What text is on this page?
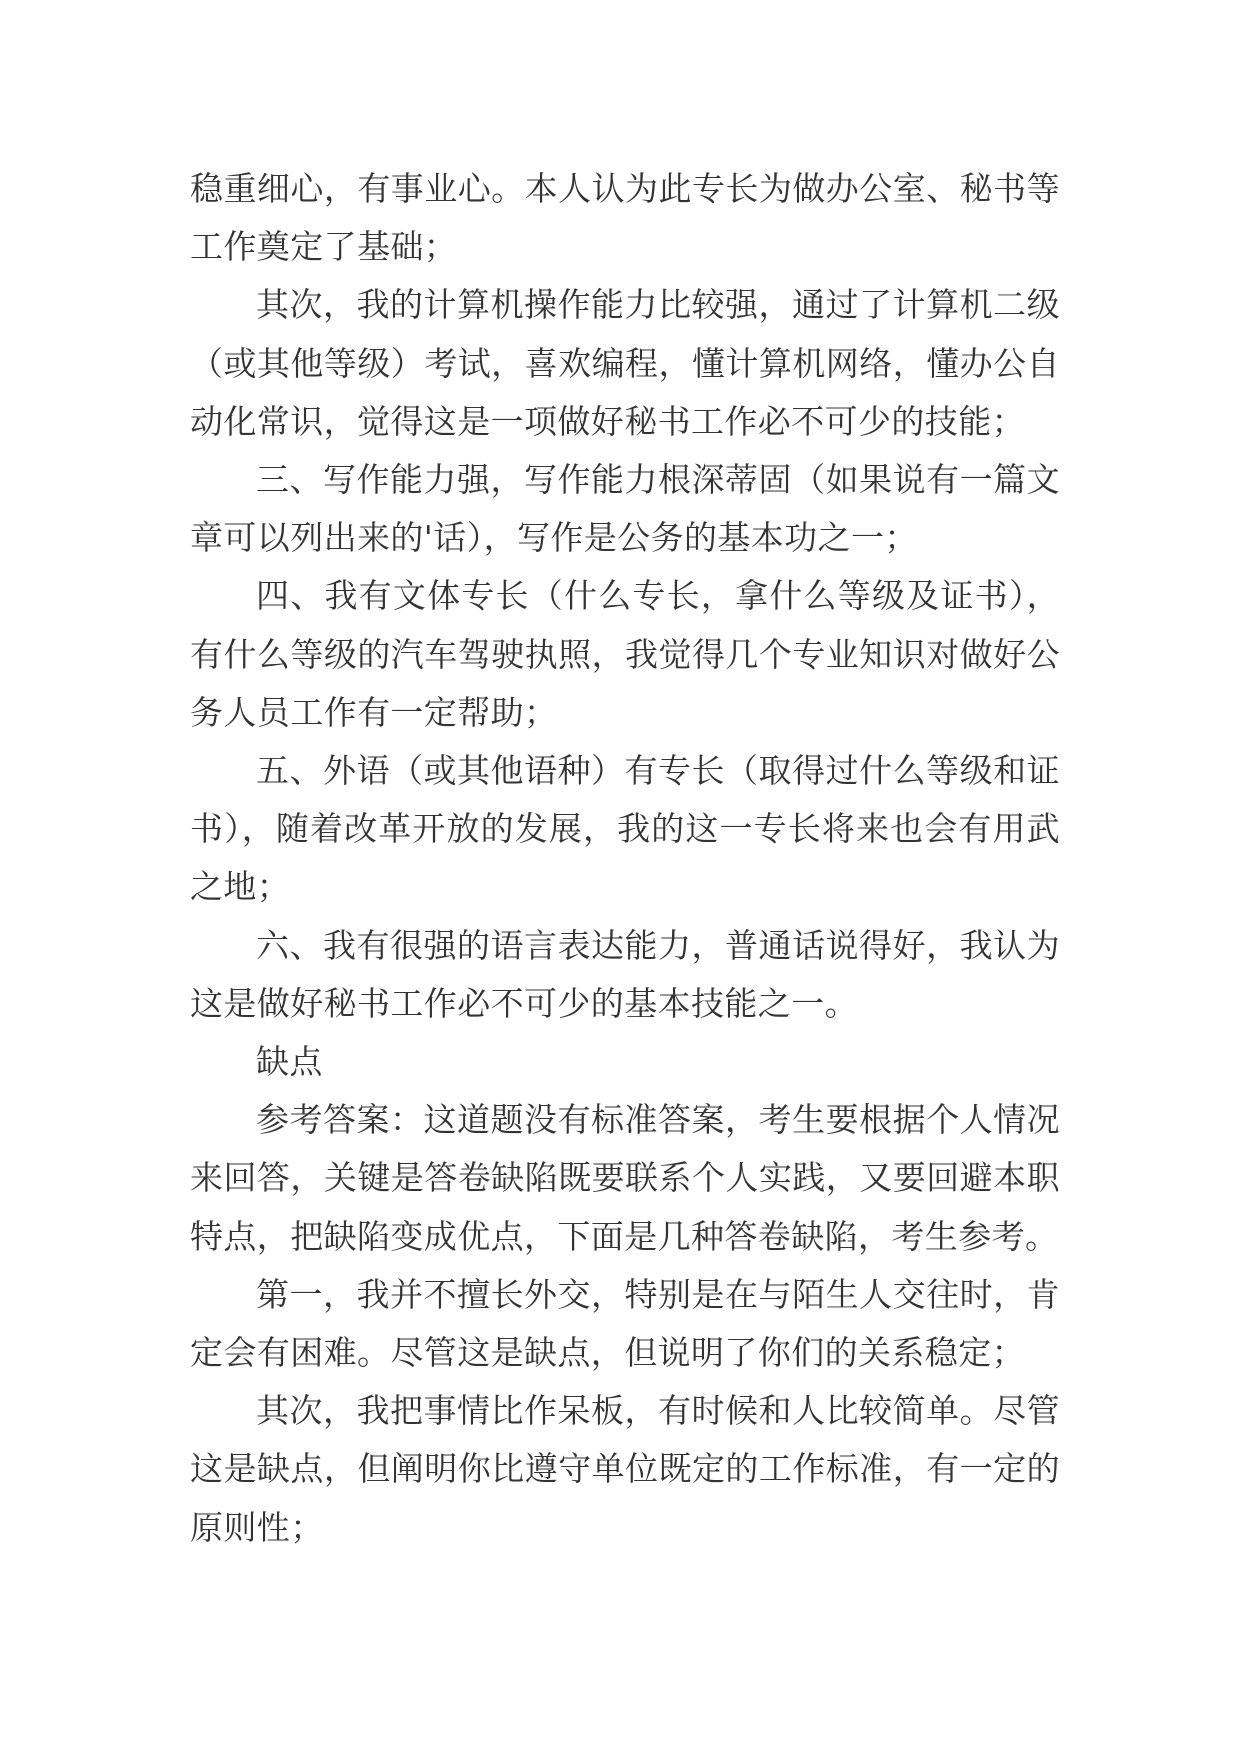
稳重细心，有事业心。本人认为此专长为做办公室、秘书等工作奠定了基础；

其次，我的计算机操作能力比较强，通过了计算机二级（或其他等级）考试，喜欢编程，懂计算机网络，懂办公自动化常识，觉得这是一项做好秘书工作必不可少的技能；

三、写作能力强，写作能力根深蒂固（如果说有一篇文章可以列出来的'话），写作是公务的基本功之一；

四、我有文体专长（什么专长，拿什么等级及证书），有什么等级的汽车驾驶执照，我觉得几个专业知识对做好公务人员工作有一定帮助；

五、外语（或其他语种）有专长（取得过什么等级和证书），随着改革开放的发展，我的这一专长将来也会有用武之地；

六、我有很强的语言表达能力，普通话说得好，我认为这是做好秘书工作必不可少的基本技能之一。

缺点

参考答案：这道题没有标准答案，考生要根据个人情况来回答，关键是答卷缺陷既要联系个人实践，又要回避本职特点，把缺陷变成优点，下面是几种答卷缺陷，考生参考。

第一，我并不擅长外交，特别是在与陌生人交往时，肯定会有困难。尽管这是缺点，但说明了你们的关系稳定；

其次，我把事情比作呆板，有时候和人比较简单。尽管这是缺点，但阐明你比遵守单位既定的工作标准，有一定的原则性；
